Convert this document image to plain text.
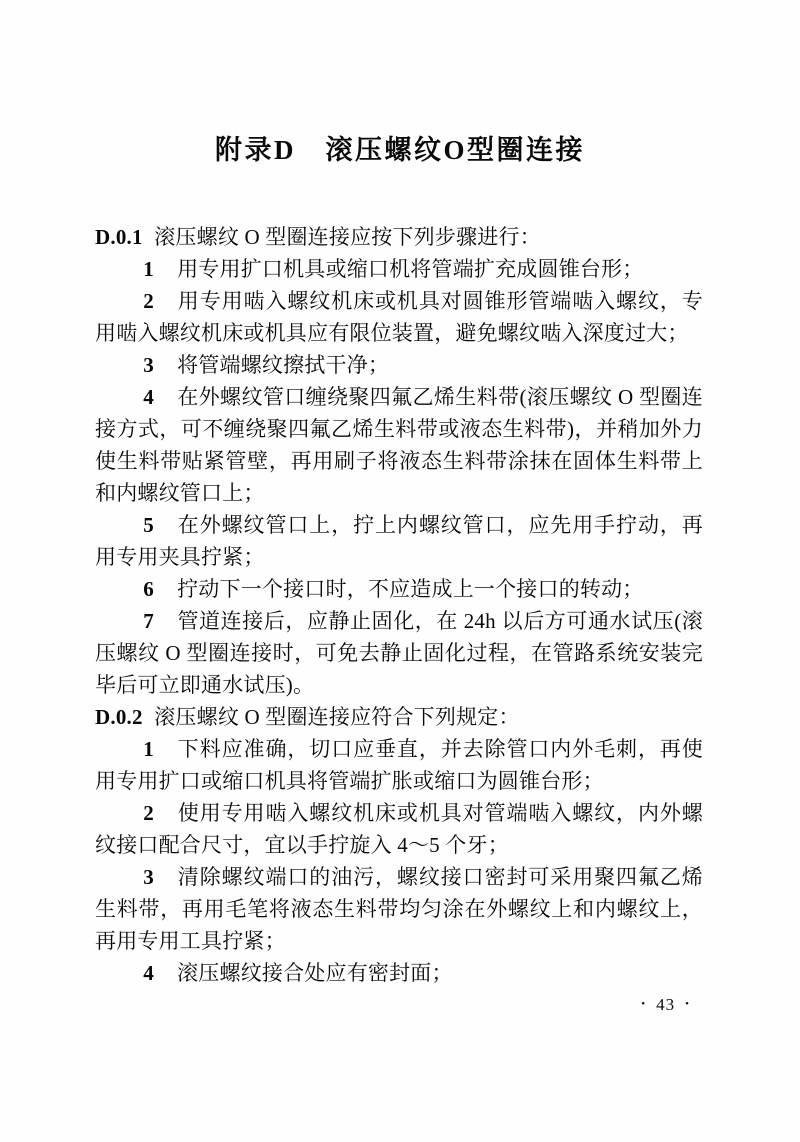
附录D　滚压螺纹O型圈连接
D.0.1 滚压螺纹 O 型圈连接应按下列步骤进行：
1 用专用扩口机具或缩口机将管端扩充成圆锥台形；
2 用专用啮入螺纹机床或机具对圆锥形管端啮入螺纹，专用啮入螺纹机床或机具应有限位装置，避免螺纹啮入深度过大；
3 将管端螺纹擦拭干净；
4 在外螺纹管口缠绕聚四氟乙烯生料带(滚压螺纹 O 型圈连接方式，可不缠绕聚四氟乙烯生料带或液态生料带)，并稍加外力使生料带贴紧管壁，再用刷子将液态生料带涂抹在固体生料带上和内螺纹管口上；
5 在外螺纹管口上，拧上内螺纹管口，应先用手拧动，再用专用夹具拧紧；
6 拧动下一个接口时，不应造成上一个接口的转动；
7 管道连接后，应静止固化，在 24h 以后方可通水试压(滚压螺纹 O 型圈连接时，可免去静止固化过程，在管路系统安装完毕后可立即通水试压)。
D.0.2 滚压螺纹 O 型圈连接应符合下列规定：
1 下料应准确，切口应垂直，并去除管口内外毛刺，再使用专用扩口或缩口机具将管端扩胀或缩口为圆锥台形；
2 使用专用啮入螺纹机床或机具对管端啮入螺纹，内外螺纹接口配合尺寸，宜以手拧旋入 4～5 个牙；
3 清除螺纹端口的油污，螺纹接口密封可采用聚四氟乙烯生料带，再用毛笔将液态生料带均匀涂在外螺纹上和内螺纹上，再用专用工具拧紧；
4 滚压螺纹接合处应有密封面；
• 43 •
